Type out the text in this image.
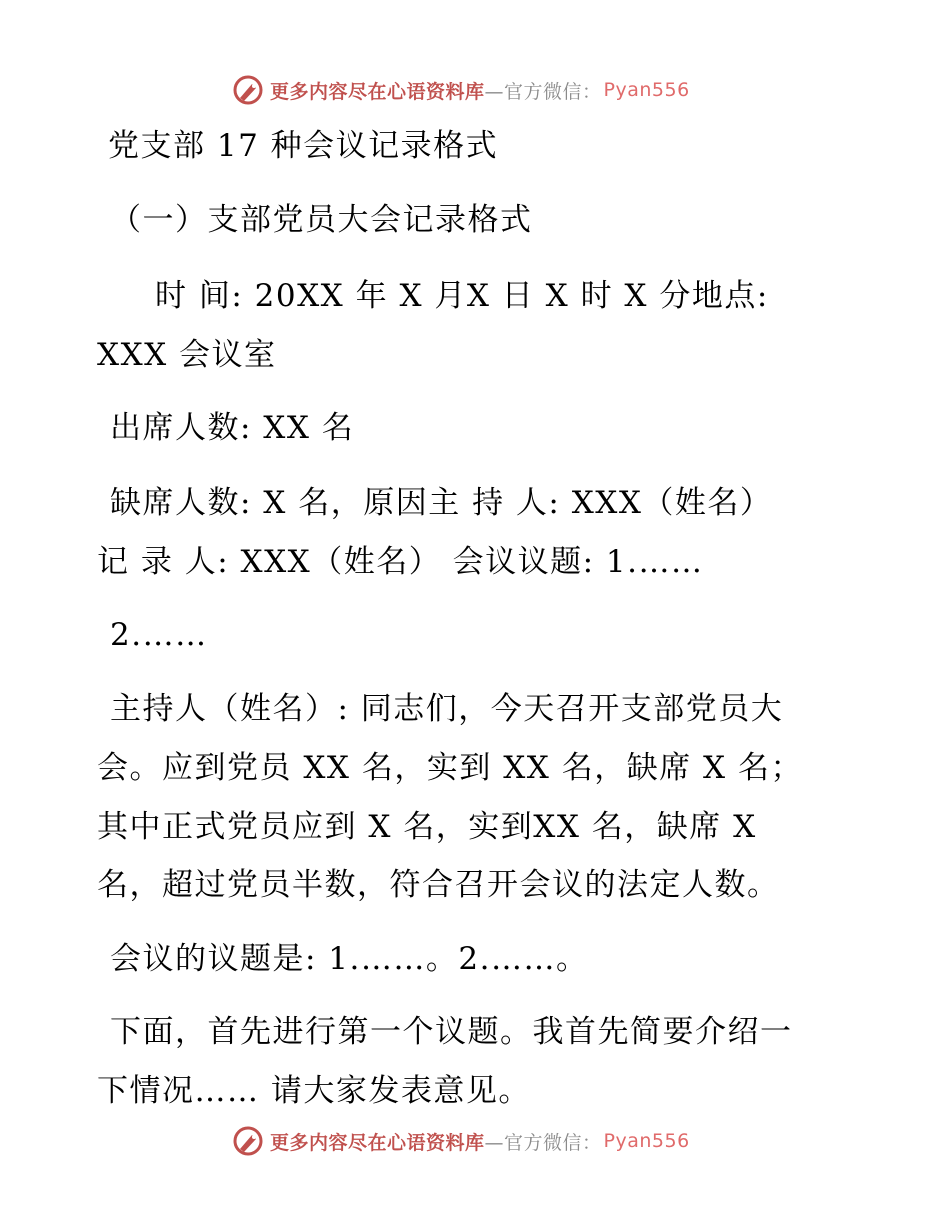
更多内容尽在心语资料库 —官方微信： Pyan556
党支部 17 种会议记录格式
（一）支部党员大会记录格式
时 间: 20XX 年 X 月X 日 X 时 X 分地点:
XXX 会议室
出席人数: XX 名
缺席人数: X 名，原因主 持 人: XXX（姓名）
记 录 人: XXX（姓名） 会议议题: 1.……
2.……
主持人（姓名）: 同志们，今天召开支部党员大
会。应到党员 XX 名，实到 XX 名，缺席 X 名；
其中正式党员应到 X 名，实到XX 名，缺席 X
名，超过党员半数，符合召开会议的法定人数。
会议的议题是: 1.……。2.……。
下面，首先进行第一个议题。我首先简要介绍一
下情况…… 请大家发表意见。
更多内容尽在心语资料库 —官方微信： Pyan556
